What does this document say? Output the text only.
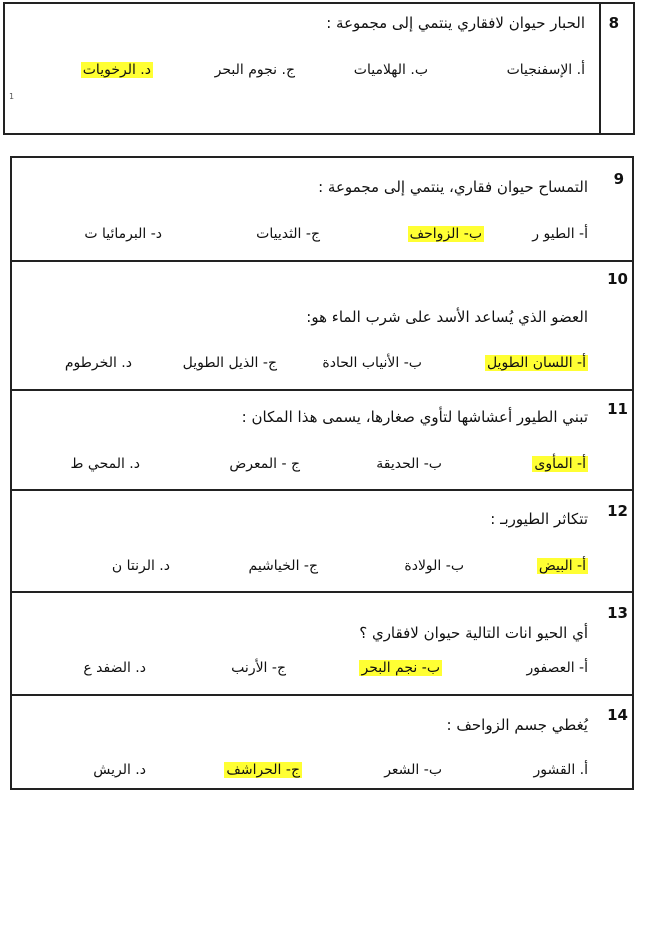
8
الحبار حيوان لافقاري ينتمي إلى مجموعة :
أ. الإسفنجيات
ب. الهلاميات
ج. نجوم البحر
د. الرخويات
1
9
التمساح حيوان فقاري، ينتمي إلى مجموعة :
أ- الطيو ر
ب- الزواحف
ج- الثدييات
د- البرمائيا ت
10
العضو الذي يُساعد الأسد على شرب الماء هو:
أ- اللسان الطويل
ب- الأنياب الحادة
ج- الذيل الطويل
د. الخرطوم
11
تبني الطيور أعشاشها لتأوي صغارها، يسمى هذا المكان :
أ- المأوى
ب- الحديقة
ج - المعرض
د. المحي ط
12
تتكاثر الطيوربـ :
أ- البيض
ب- الولادة
ج- الخياشيم
د. الرنتا ن
13
أي الحيو انات التالية حيوان لافقاري ؟
أ- العصفور
ب- نجم البحر
ج- الأرنب
د. الضفد ع
14
يُغطي جسم الزواحف :
أ. القشور
ب- الشعر
ج- الحراشف
د. الريش
